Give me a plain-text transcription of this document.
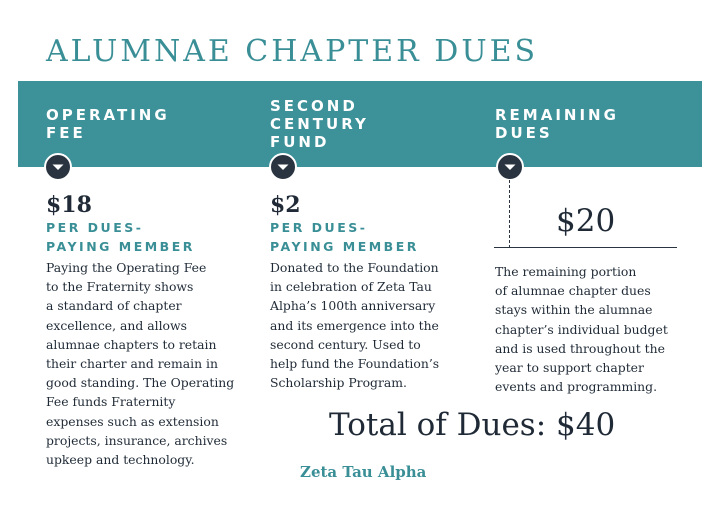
ALUMNAE CHAPTER DUES
OPERATING
FEE
$18
PER DUES-
PAYING MEMBER
Paying the Operating Fee
to the Fraternity shows
a standard of chapter
excellence, and allows
alumnae chapters to retain
their charter and remain in
good standing. The Operating
Fee funds Fraternity
expenses such as extension
projects, insurance, archives
upkeep and technology.
SECOND
CENTURY
FUND
$2
PER DUES-
PAYING MEMBER
Donated to the Foundation
in celebration of Zeta Tau
Alpha’s 100th anniversary
and its emergence into the
second century. Used to
help fund the Foundation’s
Scholarship Program.
REMAINING
DUES
$20
The remaining portion
of alumnae chapter dues
stays within the alumnae
chapter’s individual budget
and is used throughout the
year to support chapter
events and programming.
Total of Dues: $40
Zeta Tau Alpha
